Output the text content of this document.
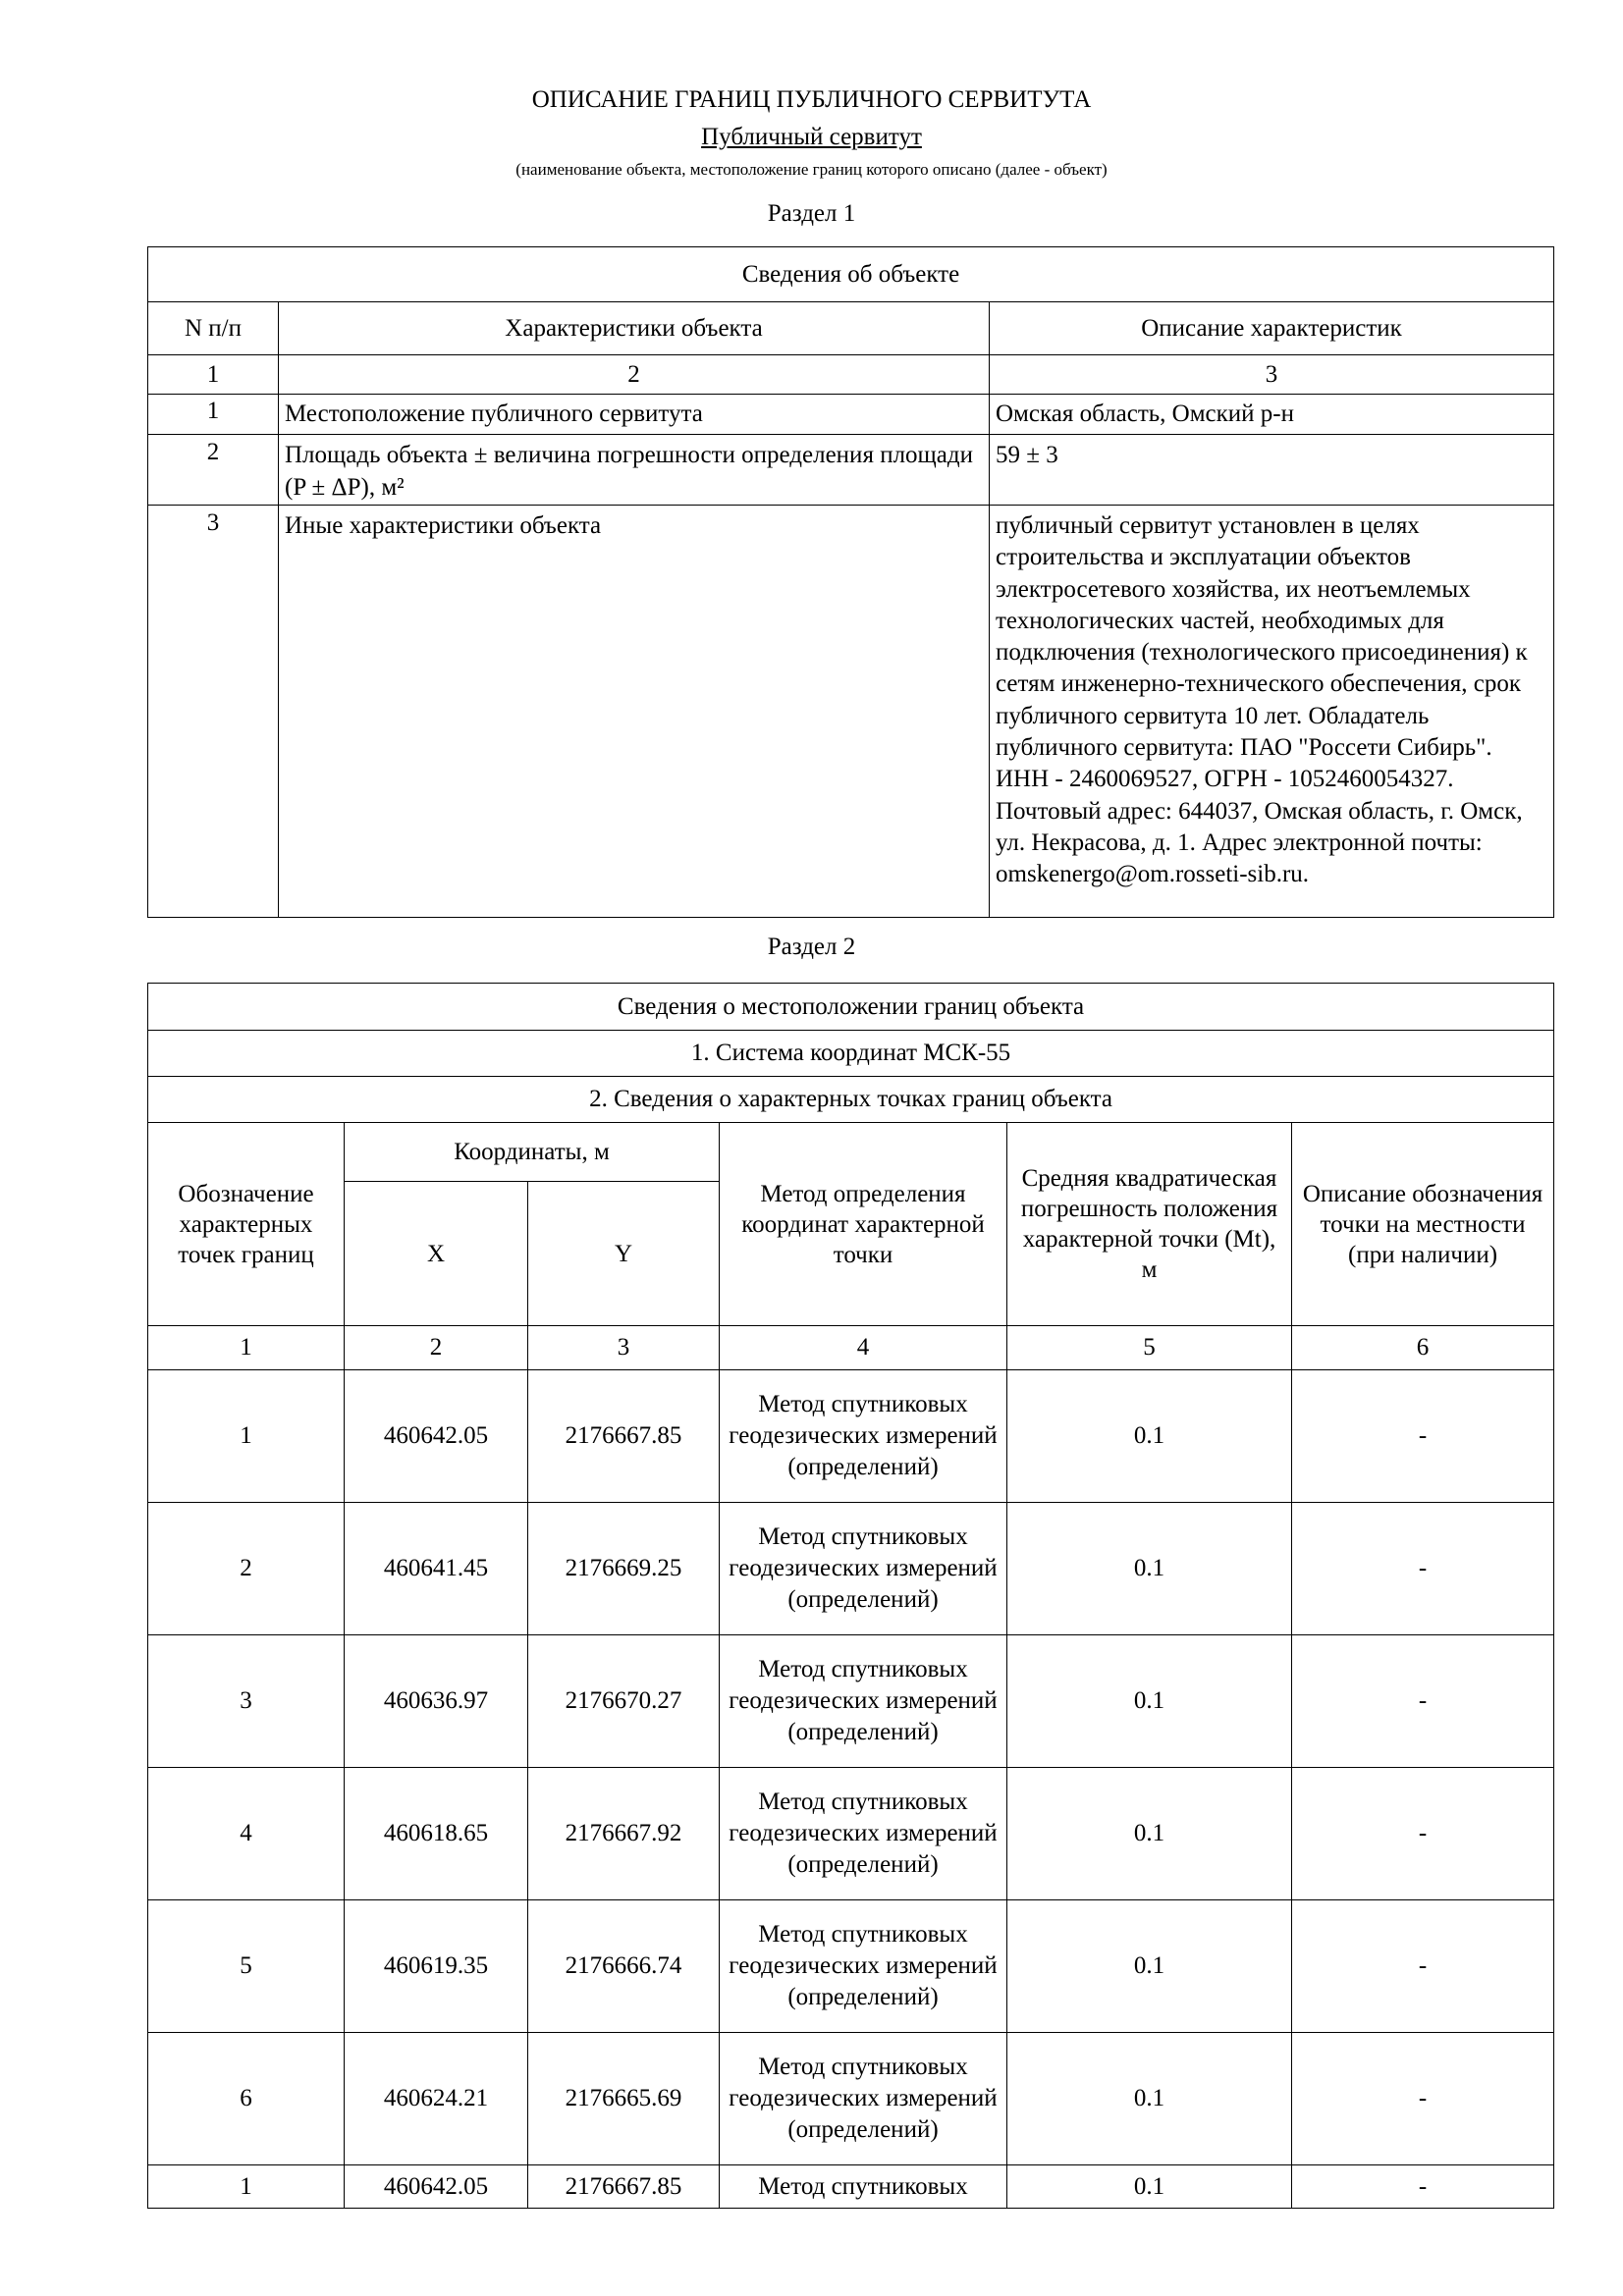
ОПИСАНИЕ ГРАНИЦ ПУБЛИЧНОГО СЕРВИТУТА
Публичный сервитут
(наименование объекта, местоположение границ которого описано (далее - объект)
Раздел 1
Сведения об объекте		
N п/п	Характеристики объекта	Описание характеристик
1	2	3
1	Местоположение публичного сервитута	Омская область, Омский р-н
2	Площадь объекта ± величина погрешности определения площади (P ± ΔP), м²	59 ± 3
3	Иные характеристики объекта	публичный сервитут установлен в целях строительства и эксплуатации объектов электросетевого хозяйства, их неотъемлемых технологических частей, необходимых для подключения (технологического присоединения) к сетям инженерно-технического обеспечения, срок публичного сервитута 10 лет. Обладатель публичного сервитута: ПАО "Россети Сибирь". ИНН - 2460069527, ОГРН - 1052460054327. Почтовый адрес: 644037, Омская область, г. Омск, ул. Некрасова, д. 1. Адрес электронной почты: omskenergo@om.rosseti-sib.ru.
Раздел 2
Сведения о местоположении границ объекта					
1. Система координат МСК-55					
2. Сведения о характерных точках границ объекта					
Обозначение характерных точек границ	Координаты, м		Метод определения координат характерной точки	Средняя квадратическая погрешность положения характерной точки (Mt), м	Описание обозначения точки на местности (при наличии)
	X	Y			
1	2	3	4	5	6
1	460642.05	2176667.85	Метод спутниковых геодезических измерений (определений)	0.1	-
2	460641.45	2176669.25	Метод спутниковых геодезических измерений (определений)	0.1	-
3	460636.97	2176670.27	Метод спутниковых геодезических измерений (определений)	0.1	-
4	460618.65	2176667.92	Метод спутниковых геодезических измерений (определений)	0.1	-
5	460619.35	2176666.74	Метод спутниковых геодезических измерений (определений)	0.1	-
6	460624.21	2176665.69	Метод спутниковых геодезических измерений (определений)	0.1	-
1	460642.05	2176667.85	Метод спутниковых	0.1	-
